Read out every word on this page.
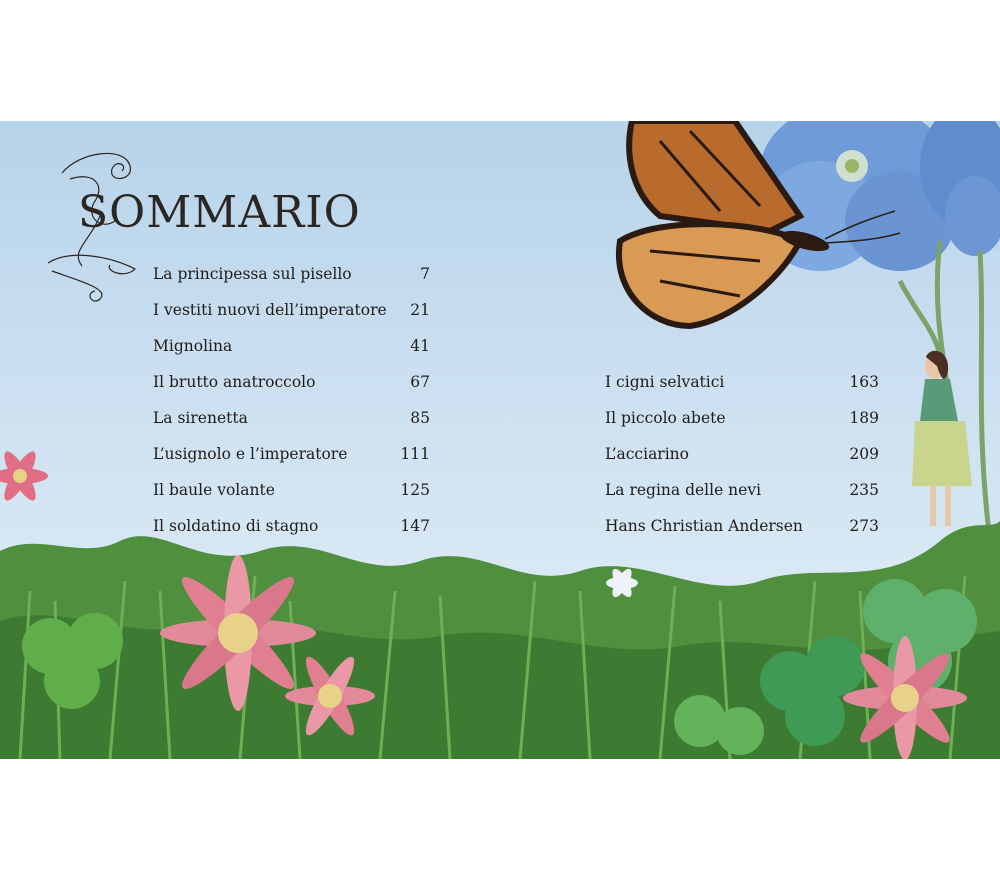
SOMMARIO
La principessa sul pisello	7
I vestiti nuovi dell’imperatore 21
Mignolina	41
Il brutto anatroccolo	67
La sirenetta	85
L’usignolo e l’imperatore	111
Il baule volante	125
Il soldatino di stagno	147
I cigni selvatici	163
Il piccolo abete	189
L’acciarino	209
La regina delle nevi	235
Hans Christian Andersen	273
